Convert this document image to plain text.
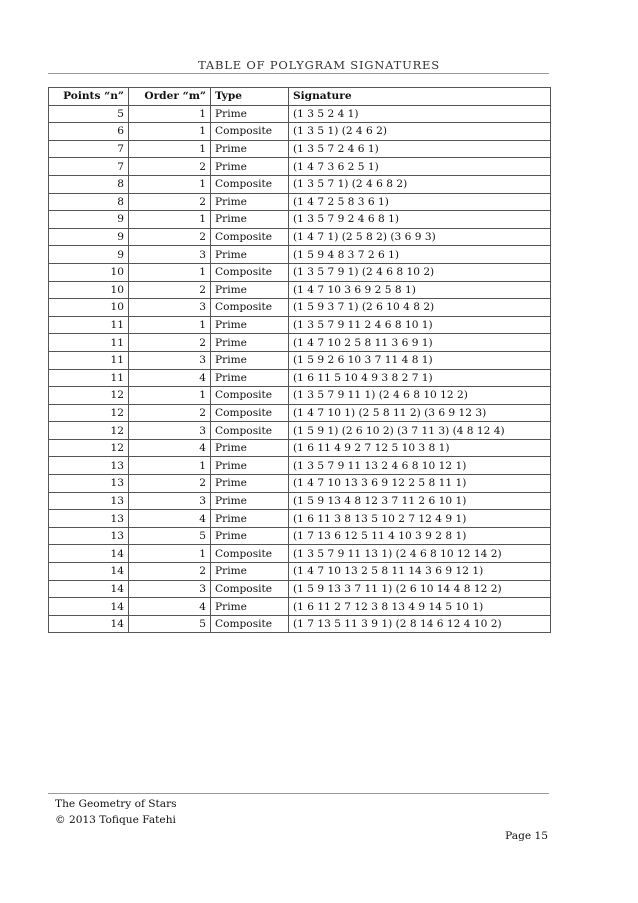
TABLE OF POLYGRAM SIGNATURES
Points “n”	Order “m”	Type	Signature
5	1	Prime	(1 3 5 2 4 1)
6	1	Composite	(1 3 5 1) (2 4 6 2)
7	1	Prime	(1 3 5 7 2 4 6 1)
7	2	Prime	(1 4 7 3 6 2 5 1)
8	1	Composite	(1 3 5 7 1) (2 4 6 8 2)
8	2	Prime	(1 4 7 2 5 8 3 6 1)
9	1	Prime	(1 3 5 7 9 2 4 6 8 1)
9	2	Composite	(1 4 7 1) (2 5 8 2) (3 6 9 3)
9	3	Prime	(1 5 9 4 8 3 7 2 6 1)
10	1	Composite	(1 3 5 7 9 1) (2 4 6 8 10 2)
10	2	Prime	(1 4 7 10 3 6 9 2 5 8 1)
10	3	Composite	(1 5 9 3 7 1) (2 6 10 4 8 2)
11	1	Prime	(1 3 5 7 9 11 2 4 6 8 10 1)
11	2	Prime	(1 4 7 10 2 5 8 11 3 6 9 1)
11	3	Prime	(1 5 9 2 6 10 3 7 11 4 8 1)
11	4	Prime	(1 6 11 5 10 4 9 3 8 2 7 1)
12	1	Composite	(1 3 5 7 9 11 1) (2 4 6 8 10 12 2)
12	2	Composite	(1 4 7 10 1) (2 5 8 11 2) (3 6 9 12 3)
12	3	Composite	(1 5 9 1) (2 6 10 2) (3 7 11 3) (4 8 12 4)
12	4	Prime	(1 6 11 4 9 2 7 12 5 10 3 8 1)
13	1	Prime	(1 3 5 7 9 11 13 2 4 6 8 10 12 1)
13	2	Prime	(1 4 7 10 13 3 6 9 12 2 5 8 11 1)
13	3	Prime	(1 5 9 13 4 8 12 3 7 11 2 6 10 1)
13	4	Prime	(1 6 11 3 8 13 5 10 2 7 12 4 9 1)
13	5	Prime	(1 7 13 6 12 5 11 4 10 3 9 2 8 1)
14	1	Composite	(1 3 5 7 9 11 13 1) (2 4 6 8 10 12 14 2)
14	2	Prime	(1 4 7 10 13 2 5 8 11 14 3 6 9 12 1)
14	3	Composite	(1 5 9 13 3 7 11 1) (2 6 10 14 4 8 12 2)
14	4	Prime	(1 6 11 2 7 12 3 8 13 4 9 14 5 10 1)
14	5	Composite	(1 7 13 5 11 3 9 1) (2 8 14 6 12 4 10 2)
The Geometry of Stars
© 2013 Tofique Fatehi
Page 15
